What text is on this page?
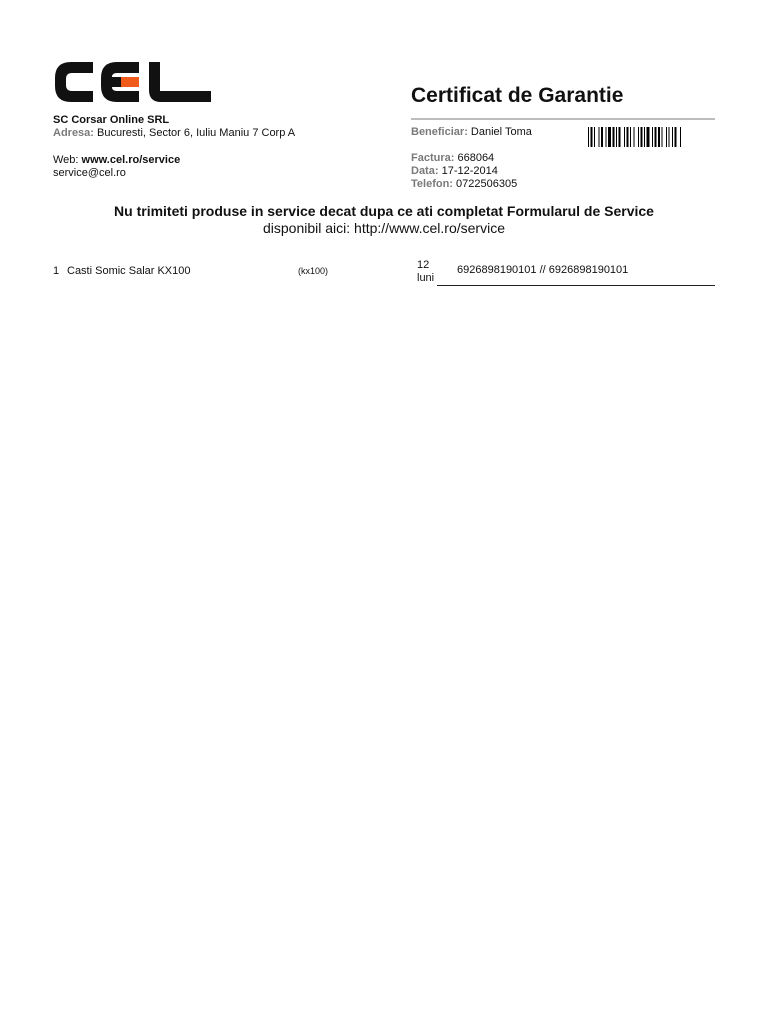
Certificat de Garantie
SC Corsar Online SRL
Adresa: Bucuresti, Sector 6, Iuliu Maniu 7 Corp A
Web: www.cel.ro/service
service@cel.ro
Beneficiar: Daniel Toma
Factura: 668064
Data: 17-12-2014
Telefon: 0722506305
Nu trimiteti produse in service decat dupa ce ati completat Formularul de Service
disponibil aici: http://www.cel.ro/service
1 Casti Somic Salar KX100	(kx100)	12
luni
6926898190101 // 6926898190101
